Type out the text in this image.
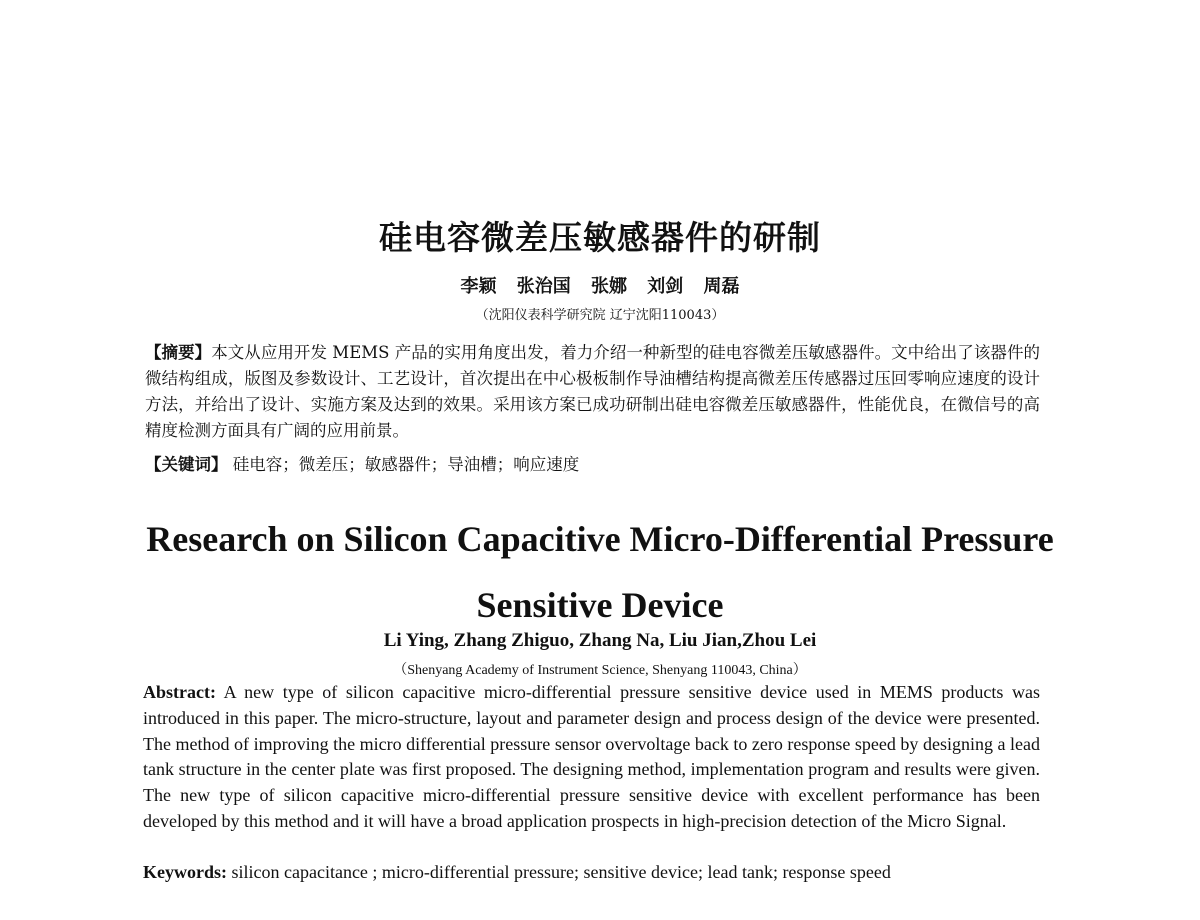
硅电容微差压敏感器件的研制
李颖 张治国 张娜 刘剑 周磊
（沈阳仪表科学研究院 辽宁沈阳110043）
【摘要】本文从应用开发 MEMS 产品的实用角度出发，着力介绍一种新型的硅电容微差压敏感器件。文中给出了该器件的微结构组成，版图及参数设计、工艺设计，首次提出在中心极板制作导油槽结构提高微差压传感器过压回零响应速度的设计方法，并给出了设计、实施方案及达到的效果。采用该方案已成功研制出硅电容微差压敏感器件，性能优良，在微信号的高精度检测方面具有广阔的应用前景。
【关键词】 硅电容；微差压；敏感器件；导油槽；响应速度
Research on Silicon Capacitive Micro-Differential Pressure
Sensitive Device
Li Ying, Zhang Zhiguo, Zhang Na, Liu Jian,Zhou Lei
（Shenyang Academy of Instrument Science, Shenyang 110043, China）
Abstract: A new type of silicon capacitive micro-differential pressure sensitive device used in MEMS products was introduced in this paper. The micro-structure, layout and parameter design and process design of the device were presented. The method of improving the micro differential pressure sensor overvoltage back to zero response speed by designing a lead tank structure in the center plate was first proposed. The designing method, implementation program and results were given. The new type of silicon capacitive micro-differential pressure sensitive device with excellent performance has been developed by this method and it will have a broad application prospects in high-precision detection of the Micro Signal.
Keywords: silicon capacitance ; micro-differential pressure; sensitive device; lead tank; response speed
